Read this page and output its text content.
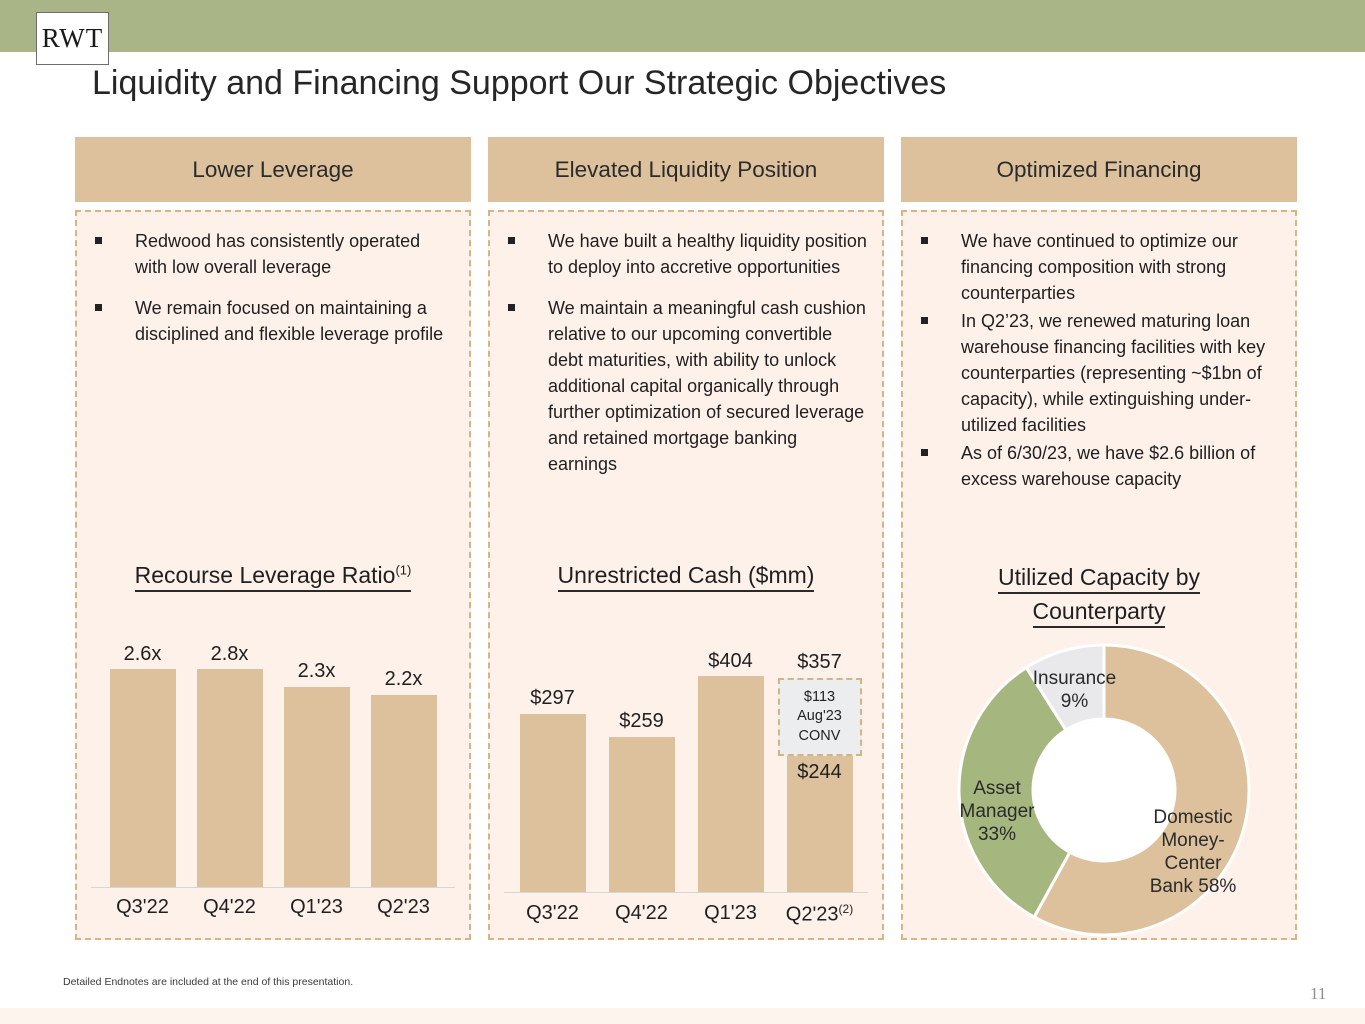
RWT
Liquidity and Financing Support Our Strategic Objectives
Lower Leverage
Redwood has consistently operated with low overall leverage
We remain focused on maintaining a disciplined and flexible leverage profile
Recourse Leverage Ratio$^{(1)}$
2.6x 2.8x
2.3x 2.2x
Q3'22	Q4'22	Q1'23	Q2'23
Elevated Liquidity Position
We have built a healthy liquidity position to deploy into accretive opportunities
We maintain a meaningful cash cushion relative to our upcoming convertible debt maturities, with ability to unlock additional capital organically through further optimization of secured leverage and retained mortgage banking earnings
Unrestricted Cash ($mm)
$297
$259
$404 $357
$113
Aug'23
CONV
$244
Q3'22	Q4'22	Q1'23	Q2'23$^{(2)}$
Optimized Financing
We have continued to optimize our financing composition with strong counterparties
In Q2’23, we renewed maturing loan warehouse financing facilities with key counterparties (representing ~$1bn of capacity), while extinguishing under-utilized facilities
As of 6/30/23, we have $2.6 billion of excess warehouse capacity
Utilized Capacity by
Counterparty
Insurance
9%
Asset
Manager
33%
Domestic
Money-
Center
Bank 58%
Detailed Endnotes are included at the end of this presentation.
11
